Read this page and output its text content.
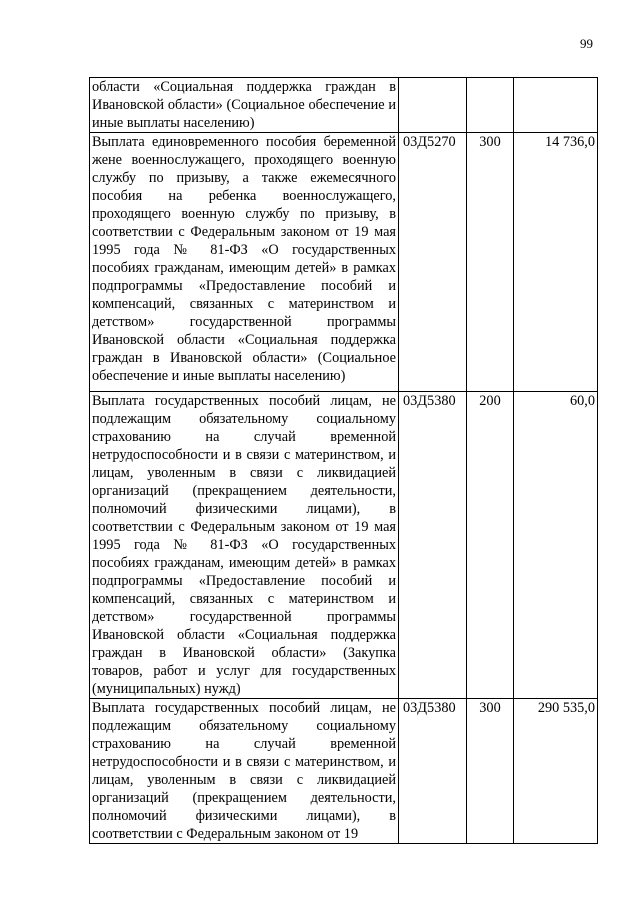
99
области «Социальная поддержка граждан в Ивановской области» (Социальное обеспечение и иные выплаты населению)			

Выплата единовременного пособия беременной жене военнослужащего, проходящего военную службу по призыву, а также ежемесячного пособия на ребенка военнослужащего, проходящего военную службу по призыву, в соответствии с Федеральным законом от 19 мая 1995 года № 81-ФЗ «О государственных пособиях гражданам, имеющим детей» в рамках подпрограммы «Предоставление пособий и компенсаций, связанных с материнством и детством» государственной программы Ивановской области «Социальная поддержка граждан в Ивановской области» (Социальное обеспечение и иные выплаты населению)	03Д5270	300	14 736,0

Выплата государственных пособий лицам, не подлежащим обязательному социальному страхованию на случай временной нетрудоспособности и в связи с материнством, и лицам, уволенным в связи с ликвидацией организаций (прекращением деятельности, полномочий физическими лицами), в соответствии с Федеральным законом от 19 мая 1995 года № 81-ФЗ «О государственных пособиях гражданам, имеющим детей» в рамках подпрограммы «Предоставление пособий и компенсаций, связанных с материнством и детством» государственной программы Ивановской области «Социальная поддержка граждан в Ивановской области» (Закупка товаров, работ и услуг для государственных (муниципальных) нужд)	03Д5380	200	60,0

Выплата государственных пособий лицам, не подлежащим обязательному социальному страхованию на случай временной нетрудоспособности и в связи с материнством, и лицам, уволенным в связи с ликвидацией организаций (прекращением деятельности, полномочий физическими лицами), в соответствии с Федеральным законом от 19	03Д5380	300	290 535,0
